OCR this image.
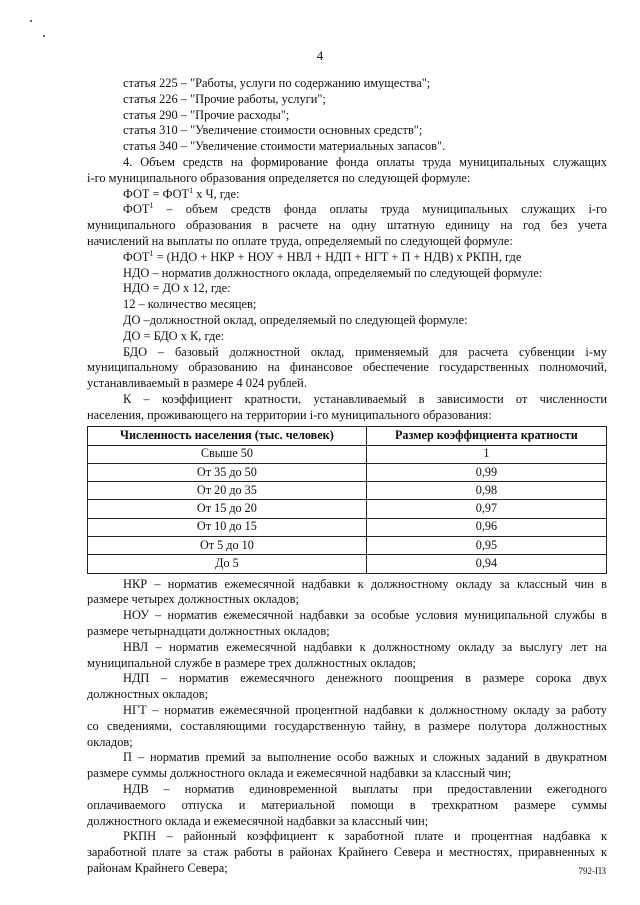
4

статья 225 – "Работы, услуги по содержанию имущества";

статья 226 – "Прочие работы, услуги";

статья 290 – "Прочие расходы";

статья 310 – "Увеличение стоимости основных средств";

статья 340 – "Увеличение стоимости материальных запасов".

4. Объем средств на формирование фонда оплаты труда муниципальных служащих

i-го муниципального образования определяется по следующей формуле:

ФОТ = $ФОТ^1$ х Ч, где:

ФОТ$^1$ – объем средств фонда оплаты труда муниципальных служащих i-го

муниципального образования в расчете на одну штатную единицу на год без учета

начислений на выплаты по оплате труда, определяемый по следующей формуле:

$ФОТ^1 = (НДО$ + НКР + НОУ + НВЛ + НДП + НГТ + П + НДВ) х РКПН, где

НДО – норматив должностного оклада, определяемый по следующей формуле:

НДО = ДО х 12, где:

12 – количество месяцев;

ДО –должностной оклад, определяемый по следующей формуле:

ДО = БДО х К, где:

БДО – базовый должностной оклад, применяемый для расчета субвенции i-му

муниципальному образованию на финансовое обеспечение государственных полномочий,

устанавливаемый в размере 4 024 рублей.

К – коэффициент кратности, устанавливаемый в зависимости от численности

населения, проживающего на территории i-го муниципального образования:

Численность населения (тыс. человек)	Размер коэффициента кратности
Свыше 50	1
От 35 до 50	0,99
От 20 до 35	0,98
От 15 до 20	0,97
От 10 до 15	0,96
От 5 до 10	0,95
До 5	0,94

НКР – норматив ежемесячной надбавки к должностному окладу за классный чин в

размере четырех должностных окладов;

НОУ – норматив ежемесячной надбавки за особые условия муниципальной службы в

размере четырнадцати должностных окладов;

НВЛ – норматив ежемесячной надбавки к должностному окладу за выслугу лет на

муниципальной службе в размере трех должностных окладов;

НДП – норматив ежемесячного денежного поощрения в размере сорока двух

должностных окладов;

НГТ – норматив ежемесячной процентной надбавки к должностному окладу за работу

со сведениями, составляющими государственную тайну, в размере полутора должностных

окладов;

П – норматив премий за выполнение особо важных и сложных заданий в двукратном

размере суммы должностного оклада и ежемесячной надбавки за классный чин;

НДВ – норматив единовременной выплаты при предоставлении ежегодного

оплачиваемого отпуска и материальной помощи в трехкратном размере суммы

должностного оклада и ежемесячной надбавки за классный чин;

РКПН – районный коэффициент к заработной плате и процентная надбавка к

заработной плате за стаж работы в районах Крайнего Севера и местностях, приравненных к

районам Крайнего Севера;	792-ПЗ
